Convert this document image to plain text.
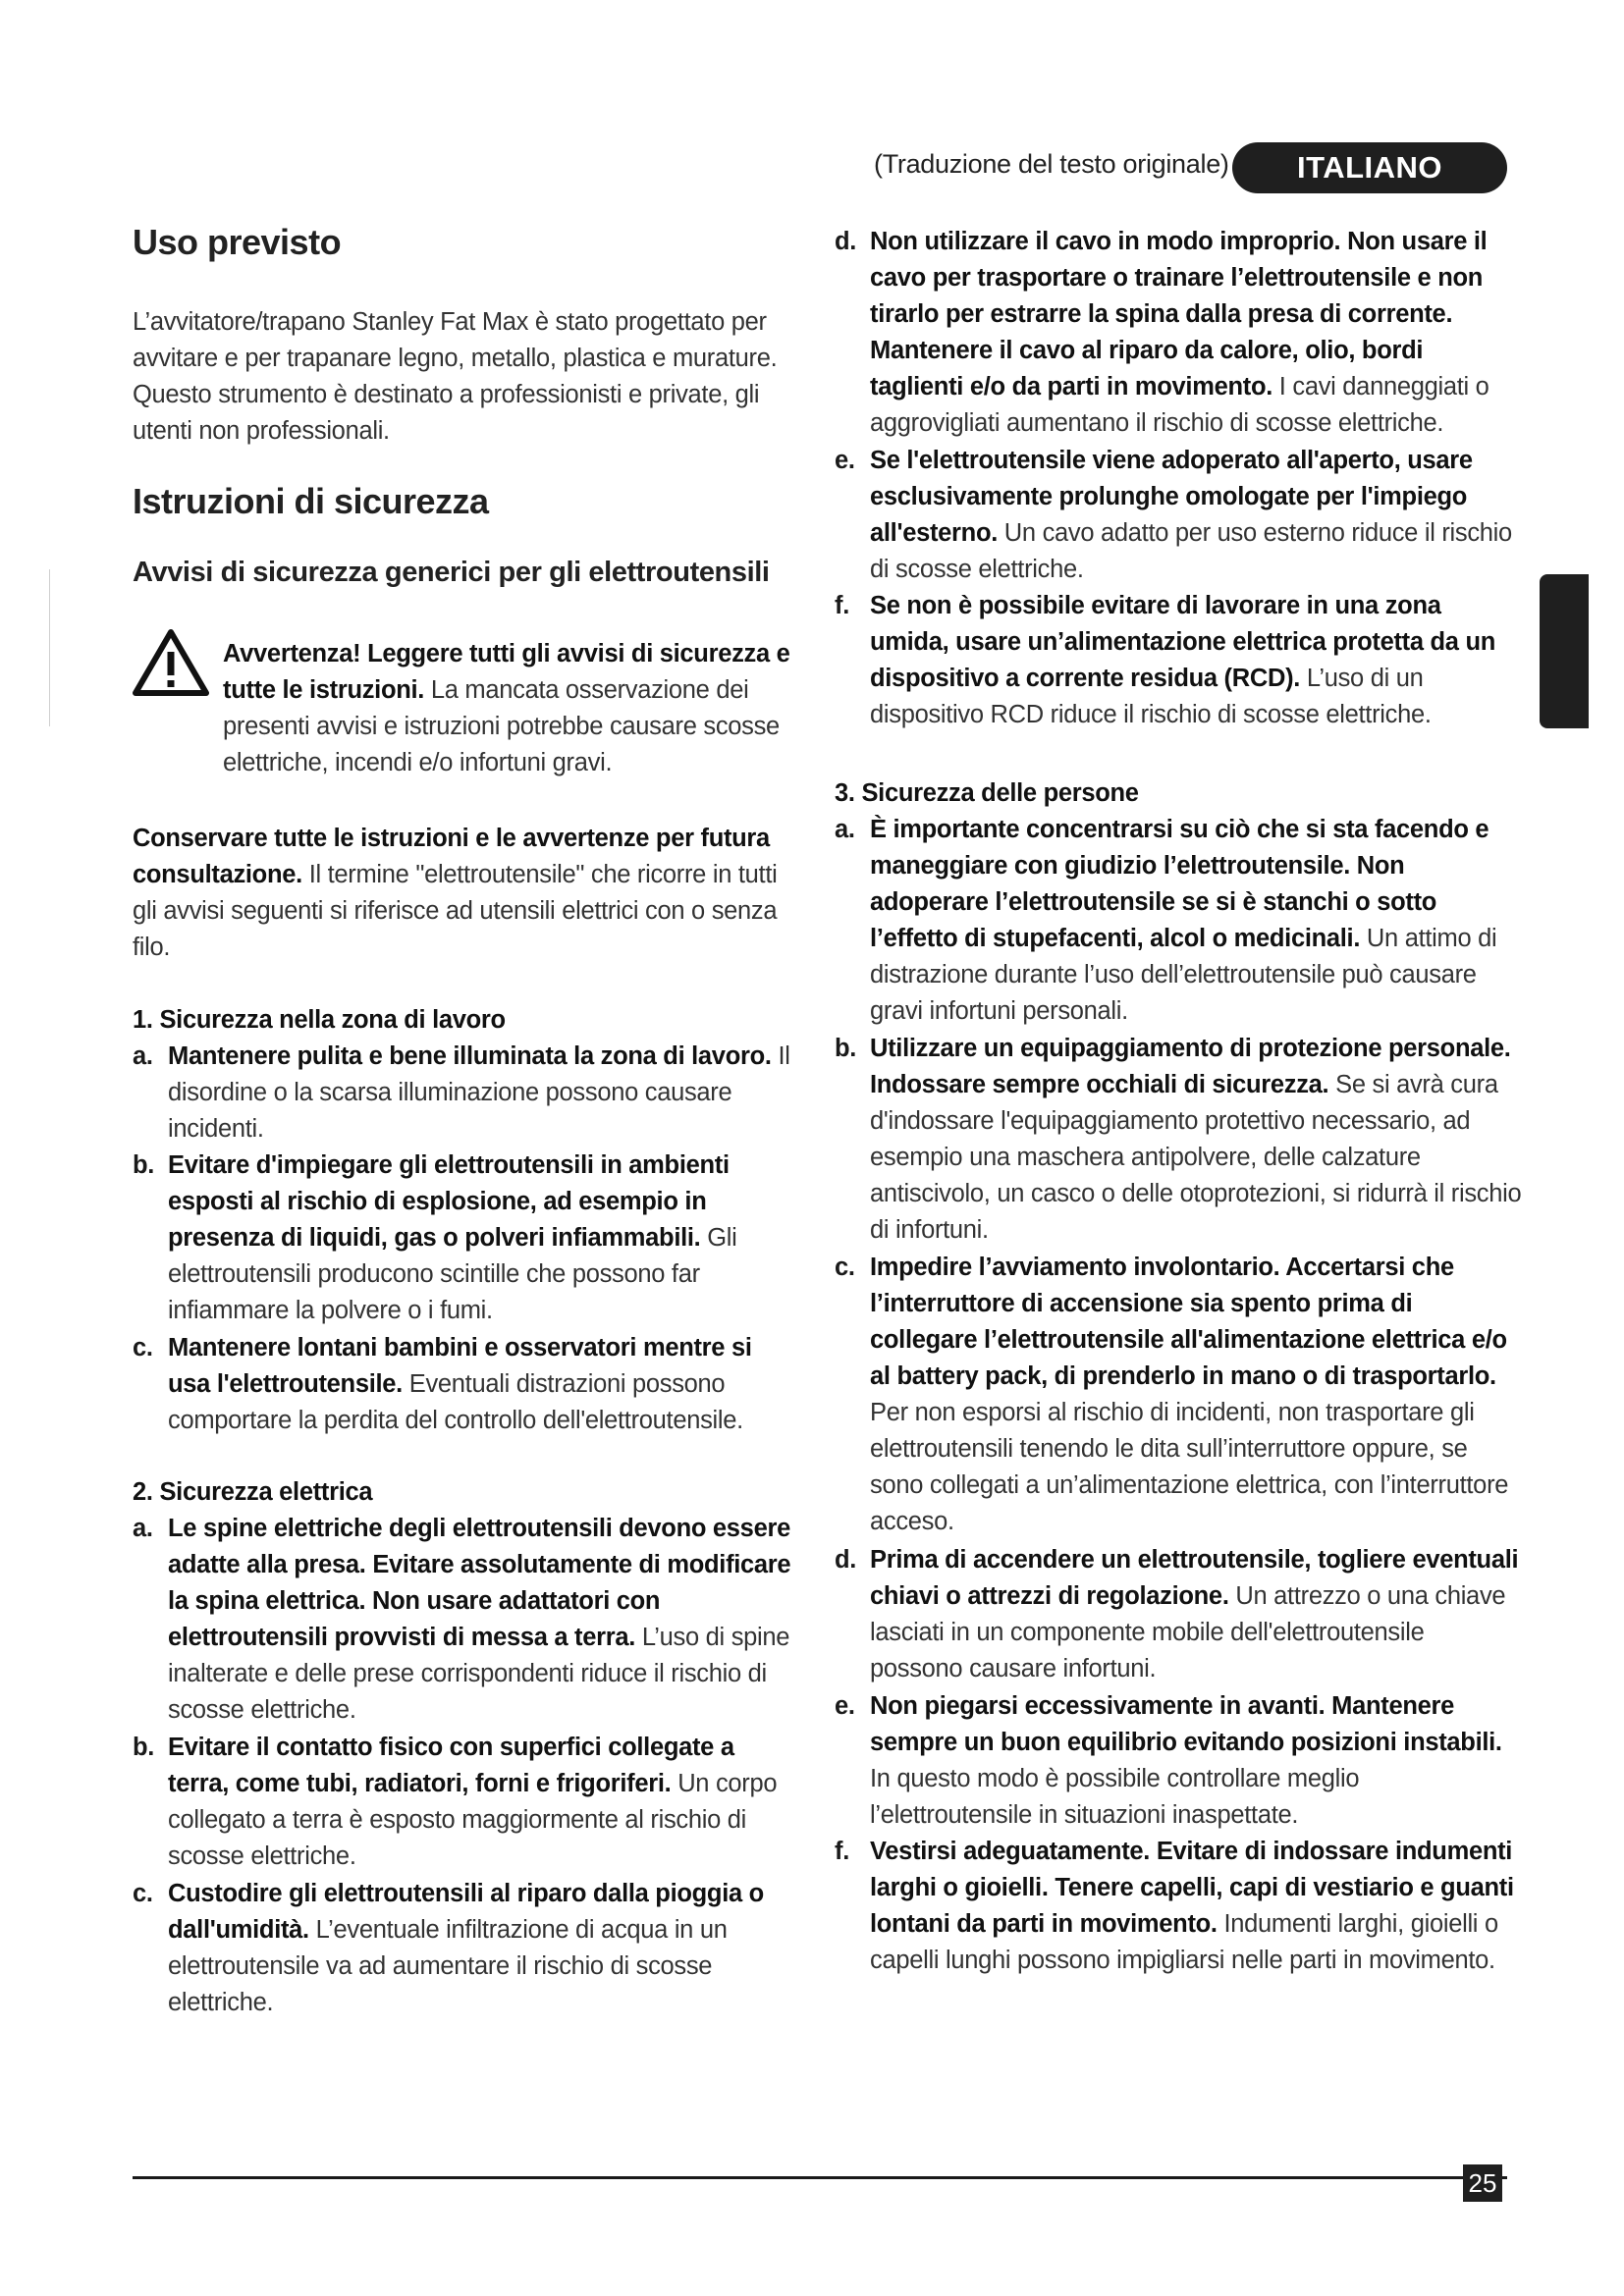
(Traduzione del testo originale)	ITALIANO
Uso previsto
L’avvitatore/trapano Stanley Fat Max è stato progettato per avvitare e per trapanare legno, metallo, plastica e murature. Questo strumento è destinato a professionisti e private, gli utenti non professionali.
Istruzioni di sicurezza
Avvisi di sicurezza generici per gli elettroutensili
Avvertenza! Leggere tutti gli avvisi di sicurezza e tutte le istruzioni. La mancata osservazione dei presenti avvisi e istruzioni potrebbe causare scosse elettriche, incendi e/o infortuni gravi.
Conservare tutte le istruzioni e le avvertenze per futura consultazione. Il termine "elettroutensile" che ricorre in tutti gli avvisi seguenti si riferisce ad utensili elettrici con o senza filo.
1. Sicurezza nella zona di lavoro
a. Mantenere pulita e bene illuminata la zona di lavoro. Il disordine o la scarsa illuminazione possono causare incidenti.
b. Evitare d'impiegare gli elettroutensili in ambienti esposti al rischio di esplosione, ad esempio in presenza di liquidi, gas o polveri infiammabili. Gli elettroutensili producono scintille che possono far infiammare la polvere o i fumi.
c. Mantenere lontani bambini e osservatori mentre si usa l'elettroutensile. Eventuali distrazioni possono comportare la perdita del controllo dell'elettroutensile.
2. Sicurezza elettrica
a. Le spine elettriche degli elettroutensili devono essere adatte alla presa. Evitare assolutamente di modificare la spina elettrica. Non usare adattatori con elettroutensili provvisti di messa a terra. L’uso di spine inalterate e delle prese corrispondenti riduce il rischio di scosse elettriche.
b. Evitare il contatto fisico con superfici collegate a terra, come tubi, radiatori, forni e frigoriferi. Un corpo collegato a terra è esposto maggiormente al rischio di scosse elettriche.
c. Custodire gli elettroutensili al riparo dalla pioggia o dall'umidità. L’eventuale infiltrazione di acqua in un elettroutensile va ad aumentare il rischio di scosse elettriche.
d. Non utilizzare il cavo in modo improprio. Non usare il cavo per trasportare o trainare l’elettroutensile e non tirarlo per estrarre la spina dalla presa di corrente. Mantenere il cavo al riparo da calore, olio, bordi taglienti e/o da parti in movimento. I cavi danneggiati o aggrovigliati aumentano il rischio di scosse elettriche.
e. Se l'elettroutensile viene adoperato all'aperto, usare esclusivamente prolunghe omologate per l'impiego all'esterno. Un cavo adatto per uso esterno riduce il rischio di scosse elettriche.
f. Se non è possibile evitare di lavorare in una zona umida, usare un’alimentazione elettrica protetta da un dispositivo a corrente residua (RCD). L’uso di un dispositivo RCD riduce il rischio di scosse elettriche.
3. Sicurezza delle persone
a. È importante concentrarsi su ciò che si sta facendo e maneggiare con giudizio l’elettroutensile. Non adoperare l’elettroutensile se si è stanchi o sotto l’effetto di stupefacenti, alcol o medicinali. Un attimo di distrazione durante l’uso dell’elettroutensile può causare gravi infortuni personali.
b. Utilizzare un equipaggiamento di protezione personale. Indossare sempre occhiali di sicurezza. Se si avrà cura d'indossare l'equipaggiamento protettivo necessario, ad esempio una maschera antipolvere, delle calzature antiscivolo, un casco o delle otoprotezioni, si ridurrà il rischio di infortuni.
c. Impedire l’avviamento involontario. Accertarsi che l’interruttore di accensione sia spento prima di collegare l’elettroutensile all'alimentazione elettrica e/o al battery pack, di prenderlo in mano o di trasportarlo. Per non esporsi al rischio di incidenti, non trasportare gli elettroutensili tenendo le dita sull’interruttore oppure, se sono collegati a un’alimentazione elettrica, con l’interruttore acceso.
d. Prima di accendere un elettroutensile, togliere eventuali chiavi o attrezzi di regolazione. Un attrezzo o una chiave lasciati in un componente mobile dell'elettroutensile possono causare infortuni.
e. Non piegarsi eccessivamente in avanti. Mantenere sempre un buon equilibrio evitando posizioni instabili. In questo modo è possibile controllare meglio l’elettroutensile in situazioni inaspettate.
f. Vestirsi adeguatamente. Evitare di indossare indumenti larghi o gioielli. Tenere capelli, capi di vestiario e guanti lontani da parti in movimento. Indumenti larghi, gioielli o capelli lunghi possono impigliarsi nelle parti in movimento.
25
